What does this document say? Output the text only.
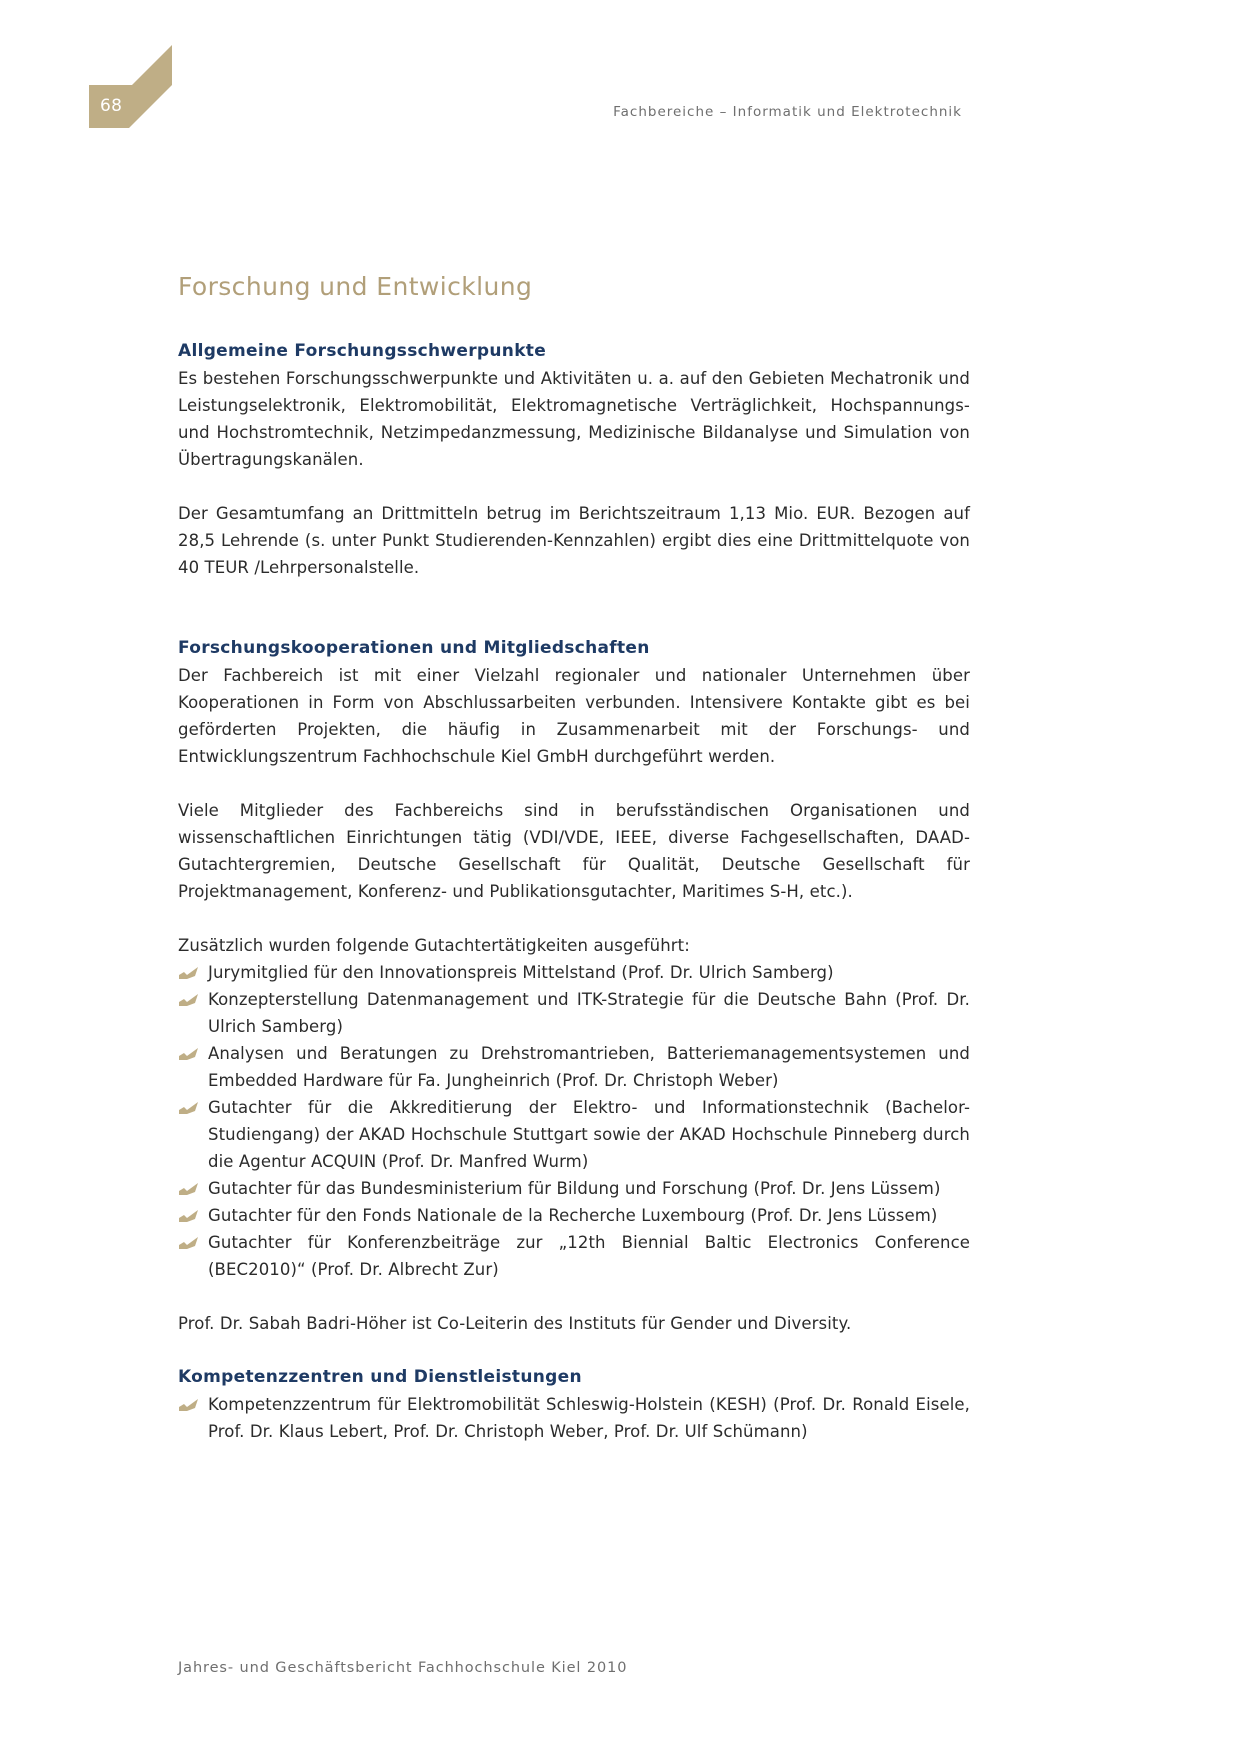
68	Fachbereiche – Informatik und Elektrotechnik
Forschung und Entwicklung
Allgemeine Forschungsschwerpunkte

Es bestehen Forschungsschwerpunkte und Aktivitäten u. a. auf den Gebieten Mechatronik und Leistungselektronik, Elektromobilität, Elektromagnetische Verträglichkeit, Hochspannungs- und Hochstromtechnik, Netzimpedanzmessung, Medizinische Bildanalyse und Simulation von Übertragungskanälen.

Der Gesamtumfang an Drittmitteln betrug im Berichtszeitraum 1,13 Mio. EUR. Bezogen auf 28,5 Lehrende (s. unter Punkt Studierenden-Kennzahlen) ergibt dies eine Drittmittelquote von 40 TEUR /Lehrpersonalstelle.

Forschungskooperationen und Mitgliedschaften

Der Fachbereich ist mit einer Vielzahl regionaler und nationaler Unternehmen über Kooperationen in Form von Abschlussarbeiten verbunden. Intensivere Kontakte gibt es bei geförderten Projekten, die häufig in Zusammenarbeit mit der Forschungs- und Entwicklungszentrum Fachhochschule Kiel GmbH durchgeführt werden.

Viele Mitglieder des Fachbereichs sind in berufsständischen Organisationen und wissenschaftlichen Einrichtungen tätig (VDI/VDE, IEEE, diverse Fachgesellschaften, DAAD-Gutachtergremien, Deutsche Gesellschaft für Qualität, Deutsche Gesellschaft für Projektmanagement, Konferenz- und Publikationsgutachter, Maritimes S-H, etc.).

Zusätzlich wurden folgende Gutachtertätigkeiten ausgeführt:

Jurymitglied für den Innovationspreis Mittelstand (Prof. Dr. Ulrich Samberg)
Konzepterstellung Datenmanagement und ITK-Strategie für die Deutsche Bahn (Prof. Dr. Ulrich Samberg)
Analysen und Beratungen zu Drehstromantrieben, Batteriemanagementsystemen und Embedded Hardware für Fa. Jungheinrich (Prof. Dr. Christoph Weber)
Gutachter für die Akkreditierung der Elektro- und Informationstechnik (Bachelor-Studiengang) der AKAD Hochschule Stuttgart sowie der AKAD Hochschule Pinneberg durch die Agentur ACQUIN (Prof. Dr. Manfred Wurm)
Gutachter für das Bundesministerium für Bildung und Forschung (Prof. Dr. Jens Lüssem)
Gutachter für den Fonds Nationale de la Recherche Luxembourg (Prof. Dr. Jens Lüssem)
Gutachter für Konferenzbeiträge zur „12th Biennial Baltic Electronics Conference (BEC2010)“ (Prof. Dr. Albrecht Zur)

Prof. Dr. Sabah Badri-Höher ist Co-Leiterin des Instituts für Gender und Diversity.

Kompetenzzentren und Dienstleistungen
Kompetenzzentrum für Elektromobilität Schleswig-Holstein (KESH) (Prof. Dr. Ronald Eisele, Prof. Dr. Klaus Lebert, Prof. Dr. Christoph Weber, Prof. Dr. Ulf Schümann)
Jahres- und Geschäftsbericht Fachhochschule Kiel 2010
